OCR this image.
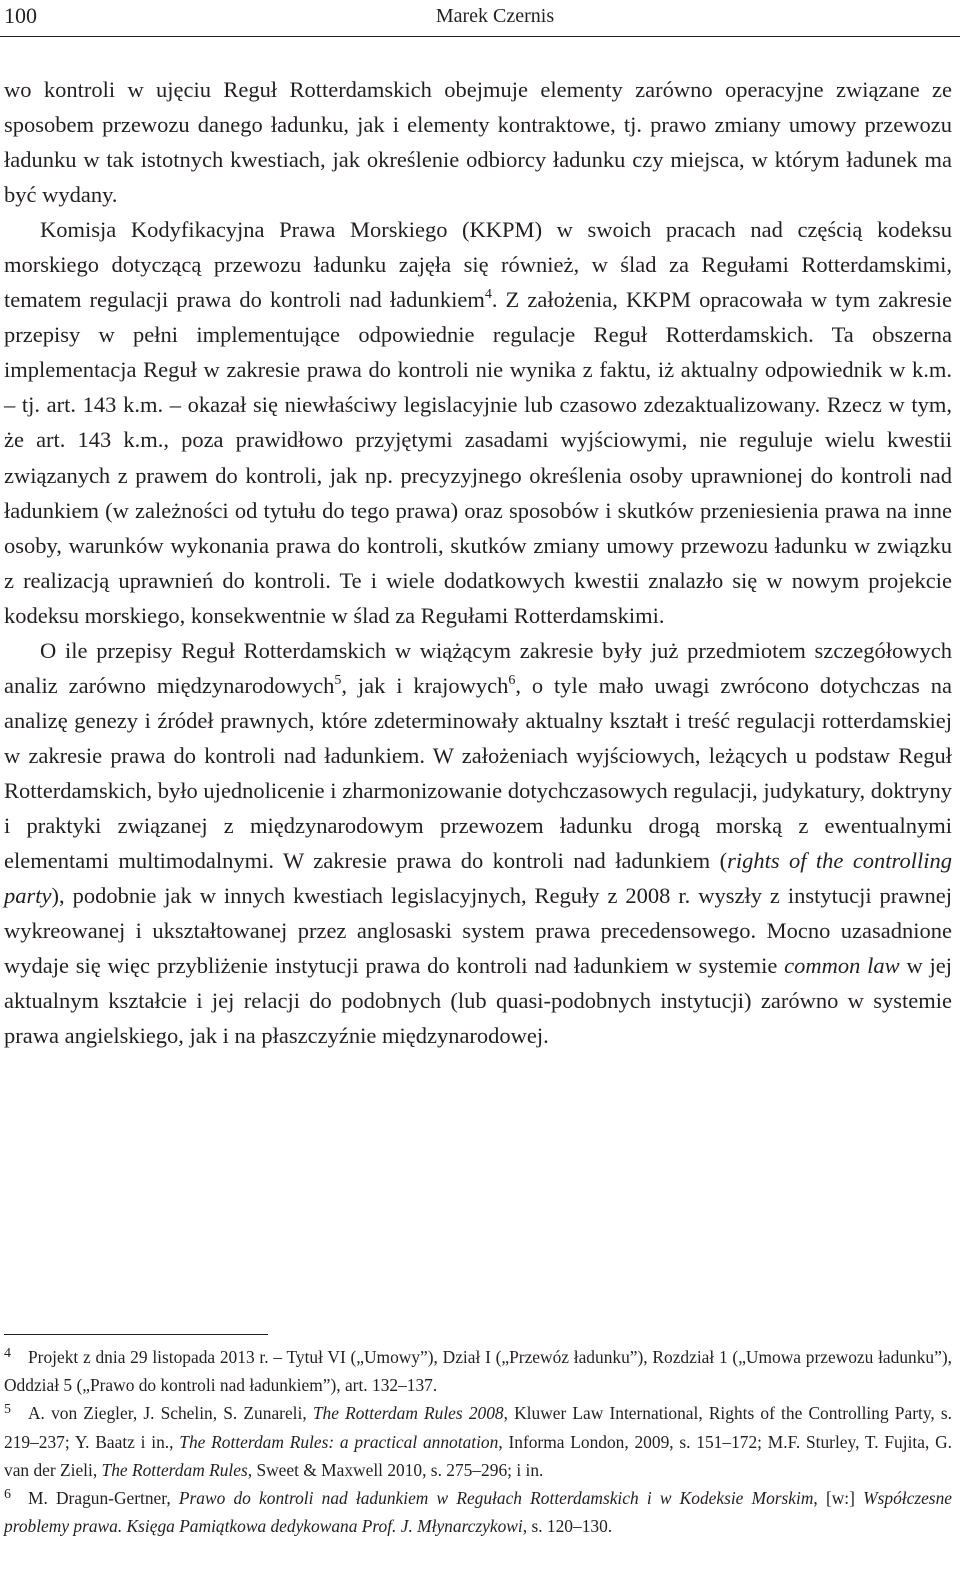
100	Marek Czernis

wo kontroli w ujęciu Reguł Rotterdamskich obejmuje elementy zarówno operacyjne związane ze sposobem przewozu danego ładunku, jak i elementy kontraktowe, tj. prawo zmiany umowy przewozu ładunku w tak istotnych kwestiach, jak określenie odbiorcy ładunku czy miejsca, w którym ładunek ma być wydany.

Komisja Kodyfikacyjna Prawa Morskiego (KKPM) w swoich pracach nad częścią kodeksu morskiego dotyczącą przewozu ładunku zajęła się również, w ślad za Regułami Rotterdamskimi, tematem regulacji prawa do kontroli nad ładunkiem$^4$. Z założenia, KKPM opracowała w tym zakresie przepisy w pełni implementujące odpowiednie regulacje Reguł Rotterdamskich. Ta obszerna implementacja Reguł w zakresie prawa do kontroli nie wynika z faktu, iż aktualny odpowiednik w k.m. – tj. art. 143 k.m. – okazał się niewłaściwy legislacyjnie lub czasowo zdezaktualizowany. Rzecz w tym, że art. 143 k.m., poza prawidłowo przyjętymi zasadami wyjściowymi, nie reguluje wielu kwestii związanych z prawem do kontroli, jak np. precyzyjnego określenia osoby uprawnionej do kontroli nad ładunkiem (w zależności od tytułu do tego prawa) oraz sposobów i skutków przeniesienia prawa na inne osoby, warunków wykonania prawa do kontroli, skutków zmiany umowy przewozu ładunku w związku z realizacją uprawnień do kontroli. Te i wiele dodatkowych kwestii znalazło się w nowym projekcie kodeksu morskiego, konsekwentnie w ślad za Regułami Rotterdamskimi.

O ile przepisy Reguł Rotterdamskich w wiążącym zakresie były już przedmiotem szczegółowych analiz zarówno międzynarodowych$^5$, jak i krajowych$^6$, o tyle mało uwagi zwrócono dotychczas na analizę genezy i źródeł prawnych, które zdeterminowały aktualny kształt i treść regulacji rotterdamskiej w zakresie prawa do kontroli nad ładunkiem. W założeniach wyjściowych, leżących u podstaw Reguł Rotterdamskich, było ujednolicenie i zharmonizowanie dotychczasowych regulacji, judykatury, doktryny i praktyki związanej z międzynarodowym przewozem ładunku drogą morską z ewentualnymi elementami multimodalnymi. W zakresie prawa do kontroli nad ładunkiem (rights of the controlling party), podobnie jak w innych kwestiach legislacyjnych, Reguły z 2008 r. wyszły z instytucji prawnej wykreowanej i ukształtowanej przez anglosaski system prawa precedensowego. Mocno uzasadnione wydaje się więc przybliżenie instytucji prawa do kontroli nad ładunkiem w systemie common law w jej aktualnym kształcie i jej relacji do podobnych (lub quasi-podobnych instytucji) zarówno w systemie prawa angielskiego, jak i na płaszczyźnie międzynarodowej.

4 Projekt z dnia 29 listopada 2013 r. – Tytuł VI („Umowy”), Dział I („Przewóz ładunku”), Rozdział 1 („Umowa przewozu ładunku”), Oddział 5 („Prawo do kontroli nad ładunkiem”), art. 132–137.

5 A. von Ziegler, J. Schelin, S. Zunareli, The Rotterdam Rules 2008, Kluwer Law International, Rights of the Controlling Party, s. 219–237; Y. Baatz i in., The Rotterdam Rules: a practical annotation, Informa London, 2009, s. 151–172; M.F. Sturley, T. Fujita, G. van der Zieli, The Rotterdam Rules, Sweet & Maxwell 2010, s. 275–296; i in.

6 M. Dragun-Gertner, Prawo do kontroli nad ładunkiem w Regułach Rotterdamskich i w Kodeksie Morskim, [w:] Współczesne problemy prawa. Księga Pamiątkowa dedykowana Prof. J. Młynarczykowi, s. 120–130.
